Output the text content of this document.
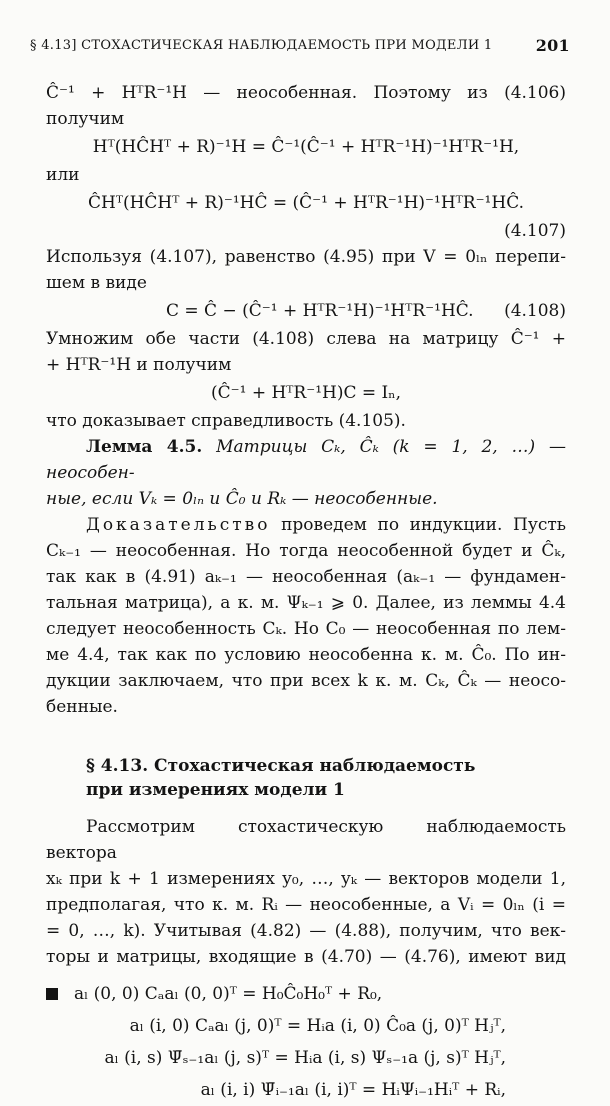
§ 4.13] СТОХАСТИЧЕСКАЯ НАБЛЮДАЕМОСТЬ ПРИ МОДЕЛИ 1	201

Ĉ⁻¹ + HᵀR⁻¹H — неособенная. Поэтому из (4.106) получим

Hᵀ(HĈHᵀ + R)⁻¹H = Ĉ⁻¹(Ĉ⁻¹ + HᵀR⁻¹H)⁻¹HᵀR⁻¹H,

или

ĈHᵀ(HĈHᵀ + R)⁻¹HĈ = (Ĉ⁻¹ + HᵀR⁻¹H)⁻¹HᵀR⁻¹HĈ.

(4.107)

Используя (4.107), равенство (4.95) при V = 0ₗₙ перепи-

шем в виде

C = Ĉ − (Ĉ⁻¹ + HᵀR⁻¹H)⁻¹HᵀR⁻¹HĈ. (4.108)

Умножим обе части (4.108) слева на матрицу Ĉ⁻¹ +

+ HᵀR⁻¹H и получим

(Ĉ⁻¹ + HᵀR⁻¹H)C = Iₙ,

что доказывает справедливость (4.105).

Лемма 4.5. Матрицы Cₖ, Ĉₖ (k = 1, 2, …) — неособен-

ные, если Vₖ = 0ₗₙ и Ĉ₀ и Rₖ — неособенные.

Доказательство проведем по индукции. Пусть

Cₖ₋₁ — неособенная. Но тогда неособенной будет и Ĉₖ,

так как в (4.91) aₖ₋₁ — неособенная (aₖ₋₁ — фундамен-

тальная матрица), а к. м. Ψₖ₋₁ ⩾ 0. Далее, из леммы 4.4

следует неособенность Cₖ. Но C₀ — неособенная по лем-

ме 4.4, так как по условию неособенна к. м. Ĉ₀. По ин-

дукции заключаем, что при всех k к. м. Cₖ, Ĉₖ — неосо-

бенные.

§ 4.13. Стохастическая наблюдаемость
при измерениях модели 1

Рассмотрим стохастическую наблюдаемость вектора

xₖ при k + 1 измерениях y₀, …, yₖ — векторов модели 1,

предполагая, что к. м. Rᵢ — неособенные, а Vᵢ = 0ₗₙ (i =

= 0, …, k). Учитывая (4.82) — (4.88), получим, что век-

торы и матрицы, входящие в (4.70) — (4.76), имеют вид

aₗ (0, 0) Cₐaₗ (0, 0)ᵀ = H₀Ĉ₀H₀ᵀ + R₀,
aₗ (i, 0) Cₐaₗ (j, 0)ᵀ = Hᵢa (i, 0) Ĉ₀a (j, 0)ᵀ Hⱼᵀ,
aₗ (i, s) Ψ̄ₛ₋₁aₗ (j, s)ᵀ = Hᵢa (i, s) Ψₛ₋₁a (j, s)ᵀ Hⱼᵀ,
aₗ (i, i) Ψ̄ᵢ₋₁aₗ (i, i)ᵀ = HᵢΨᵢ₋₁Hᵢᵀ + Rᵢ,
